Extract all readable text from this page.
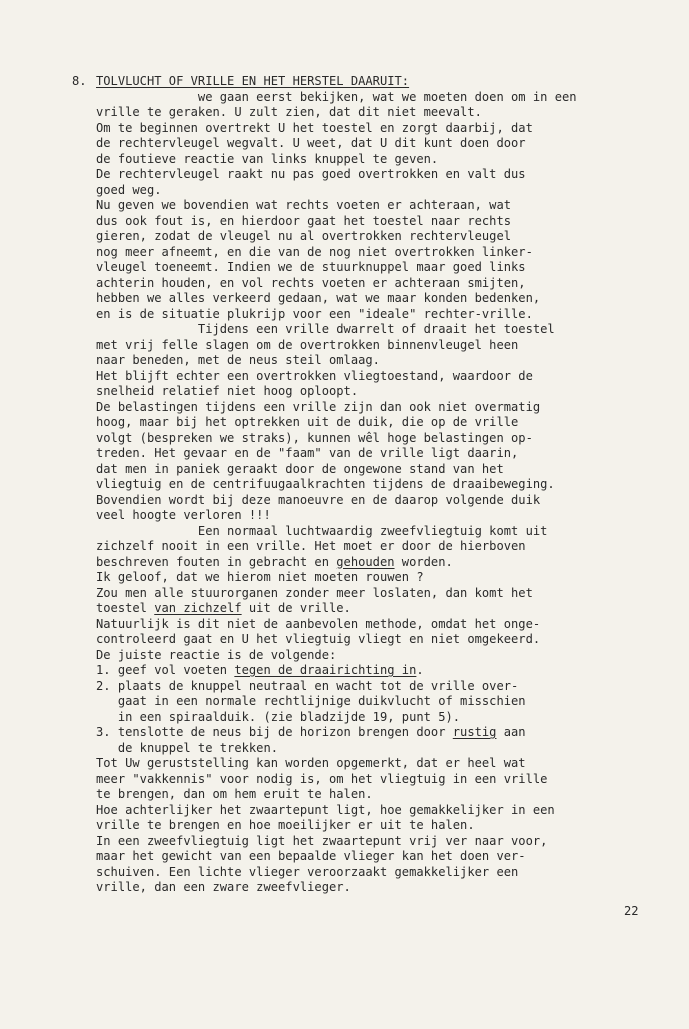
8. TOLVLUCHT OF VRILLE EN HET HERSTEL DAARUIT:
we gaan eerst bekijken, wat we moeten doen om in een
vrille te geraken. U zult zien, dat dit niet meevalt.
Om te beginnen overtrekt U het toestel en zorgt daarbij, dat
de rechtervleugel wegvalt. U weet, dat U dit kunt doen door
de foutieve reactie van links knuppel te geven.
De rechtervleugel raakt nu pas goed overtrokken en valt dus
goed weg.
Nu geven we bovendien wat rechts voeten er achteraan, wat
dus ook fout is, en hierdoor gaat het toestel naar rechts
gieren, zodat de vleugel nu al overtrokken rechtervleugel
nog meer afneemt, en die van de nog niet overtrokken linker-
vleugel toeneemt. Indien we de stuurknuppel maar goed links
achterin houden, en vol rechts voeten er achteraan smijten,
hebben we alles verkeerd gedaan, wat we maar konden bedenken,
en is de situatie plukrijp voor een "ideale" rechter-vrille.
Tijdens een vrille dwarrelt of draait het toestel
met vrij felle slagen om de overtrokken binnenvleugel heen
naar beneden, met de neus steil omlaag.
Het blijft echter een overtrokken vliegtoestand, waardoor de
snelheid relatief niet hoog oploopt.
De belastingen tijdens een vrille zijn dan ook niet overmatig
hoog, maar bij het optrekken uit de duik, die op de vrille
volgt (bespreken we straks), kunnen wêl hoge belastingen op-
treden. Het gevaar en de "faam" van de vrille ligt daarin,
dat men in paniek geraakt door de ongewone stand van het
vliegtuig en de centrifuugaalkrachten tijdens de draaibeweging.
Bovendien wordt bij deze manoeuvre en de daarop volgende duik
veel hoogte verloren !!!
Een normaal luchtwaardig zweefvliegtuig komt uit
zichzelf nooit in een vrille. Het moet er door de hierboven
beschreven fouten in gebracht en gehouden worden.
Ik geloof, dat we hierom niet moeten rouwen ?
Zou men alle stuurorganen zonder meer loslaten, dan komt het
toestel van zichzelf uit de vrille.
Natuurlijk is dit niet de aanbevolen methode, omdat het onge-
controleerd gaat en U het vliegtuig vliegt en niet omgekeerd.
De juiste reactie is de volgende:
1. geef vol voeten tegen de draairichting in.
2. plaats de knuppel neutraal en wacht tot de vrille over-
gaat in een normale rechtlijnige duikvlucht of misschien
in een spiraalduik. (zie bladzijde 19, punt 5).
3. tenslotte de neus bij de horizon brengen door rustig aan
de knuppel te trekken.
Tot Uw geruststelling kan worden opgemerkt, dat er heel wat
meer "vakkennis" voor nodig is, om het vliegtuig in een vrille
te brengen, dan om hem eruit te halen.
Hoe achterlijker het zwaartepunt ligt, hoe gemakkelijker in een
vrille te brengen en hoe moeilijker er uit te halen.
In een zweefvliegtuig ligt het zwaartepunt vrij ver naar voor,
maar het gewicht van een bepaalde vlieger kan het doen ver-
schuiven. Een lichte vlieger veroorzaakt gemakkelijker een
vrille, dan een zware zweefvlieger.
22
